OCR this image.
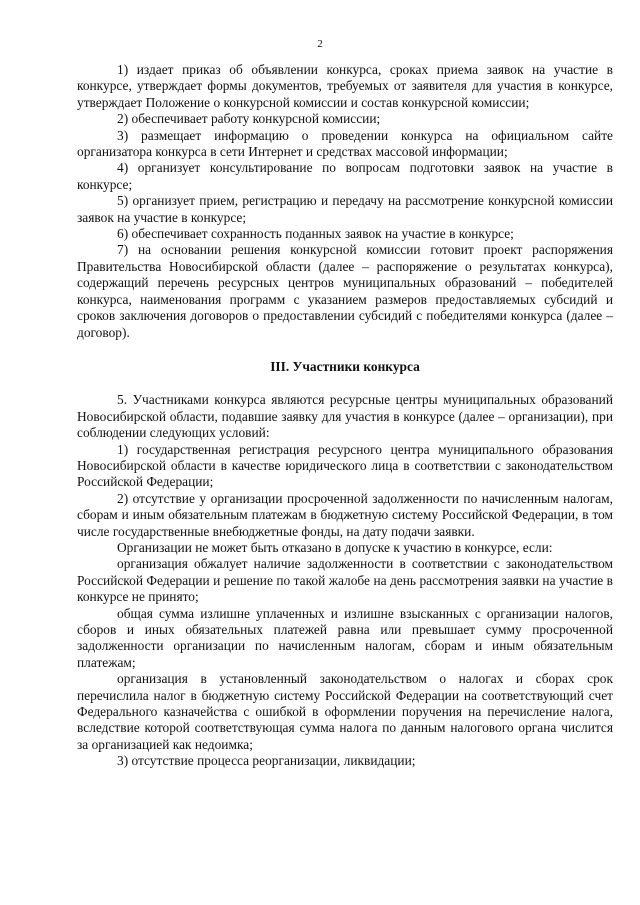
2

1) издает приказ об объявлении конкурса, сроках приема заявок на участие в конкурсе, утверждает формы документов, требуемых от заявителя для участия в конкурсе, утверждает Положение о конкурсной комиссии и состав конкурсной комиссии;

2) обеспечивает работу конкурсной комиссии;

3) размещает информацию о проведении конкурса на официальном сайте организатора конкурса в сети Интернет и средствах массовой информации;

4) организует консультирование по вопросам подготовки заявок на участие в конкурсе;

5) организует прием, регистрацию и передачу на рассмотрение конкурсной комиссии заявок на участие в конкурсе;

6) обеспечивает сохранность поданных заявок на участие в конкурсе;

7) на основании решения конкурсной комиссии готовит проект распоряжения Правительства Новосибирской области (далее – распоряжение о результатах конкурса), содержащий перечень ресурсных центров муниципальных образований – победителей конкурса, наименования программ с указанием размеров предоставляемых субсидий и сроков заключения договоров о предоставлении субсидий с победителями конкурса (далее – договор).

III. Участники конкурса

5. Участниками конкурса являются ресурсные центры муниципальных образований Новосибирской области, подавшие заявку для участия в конкурсе (далее – организации), при соблюдении следующих условий:

1) государственная регистрация ресурсного центра муниципального образования Новосибирской области в качестве юридического лица в соответствии с законодательством Российской Федерации;

2) отсутствие у организации просроченной задолженности по начисленным налогам, сборам и иным обязательным платежам в бюджетную систему Российской Федерации, в том числе государственные внебюджетные фонды, на дату подачи заявки.

Организации не может быть отказано в допуске к участию в конкурсе, если:

организация обжалует наличие задолженности в соответствии с законодательством Российской Федерации и решение по такой жалобе на день рассмотрения заявки на участие в конкурсе не принято;

общая сумма излишне уплаченных и излишне взысканных с организации налогов, сборов и иных обязательных платежей равна или превышает сумму просроченной задолженности организации по начисленным налогам, сборам и иным обязательным платежам;

организация в установленный законодательством о налогах и сборах срок перечислила налог в бюджетную систему Российской Федерации на соответствующий счет Федерального казначейства с ошибкой в оформлении поручения на перечисление налога, вследствие которой соответствующая сумма налога по данным налогового органа числится за организацией как недоимка;

3) отсутствие процесса реорганизации, ликвидации;
